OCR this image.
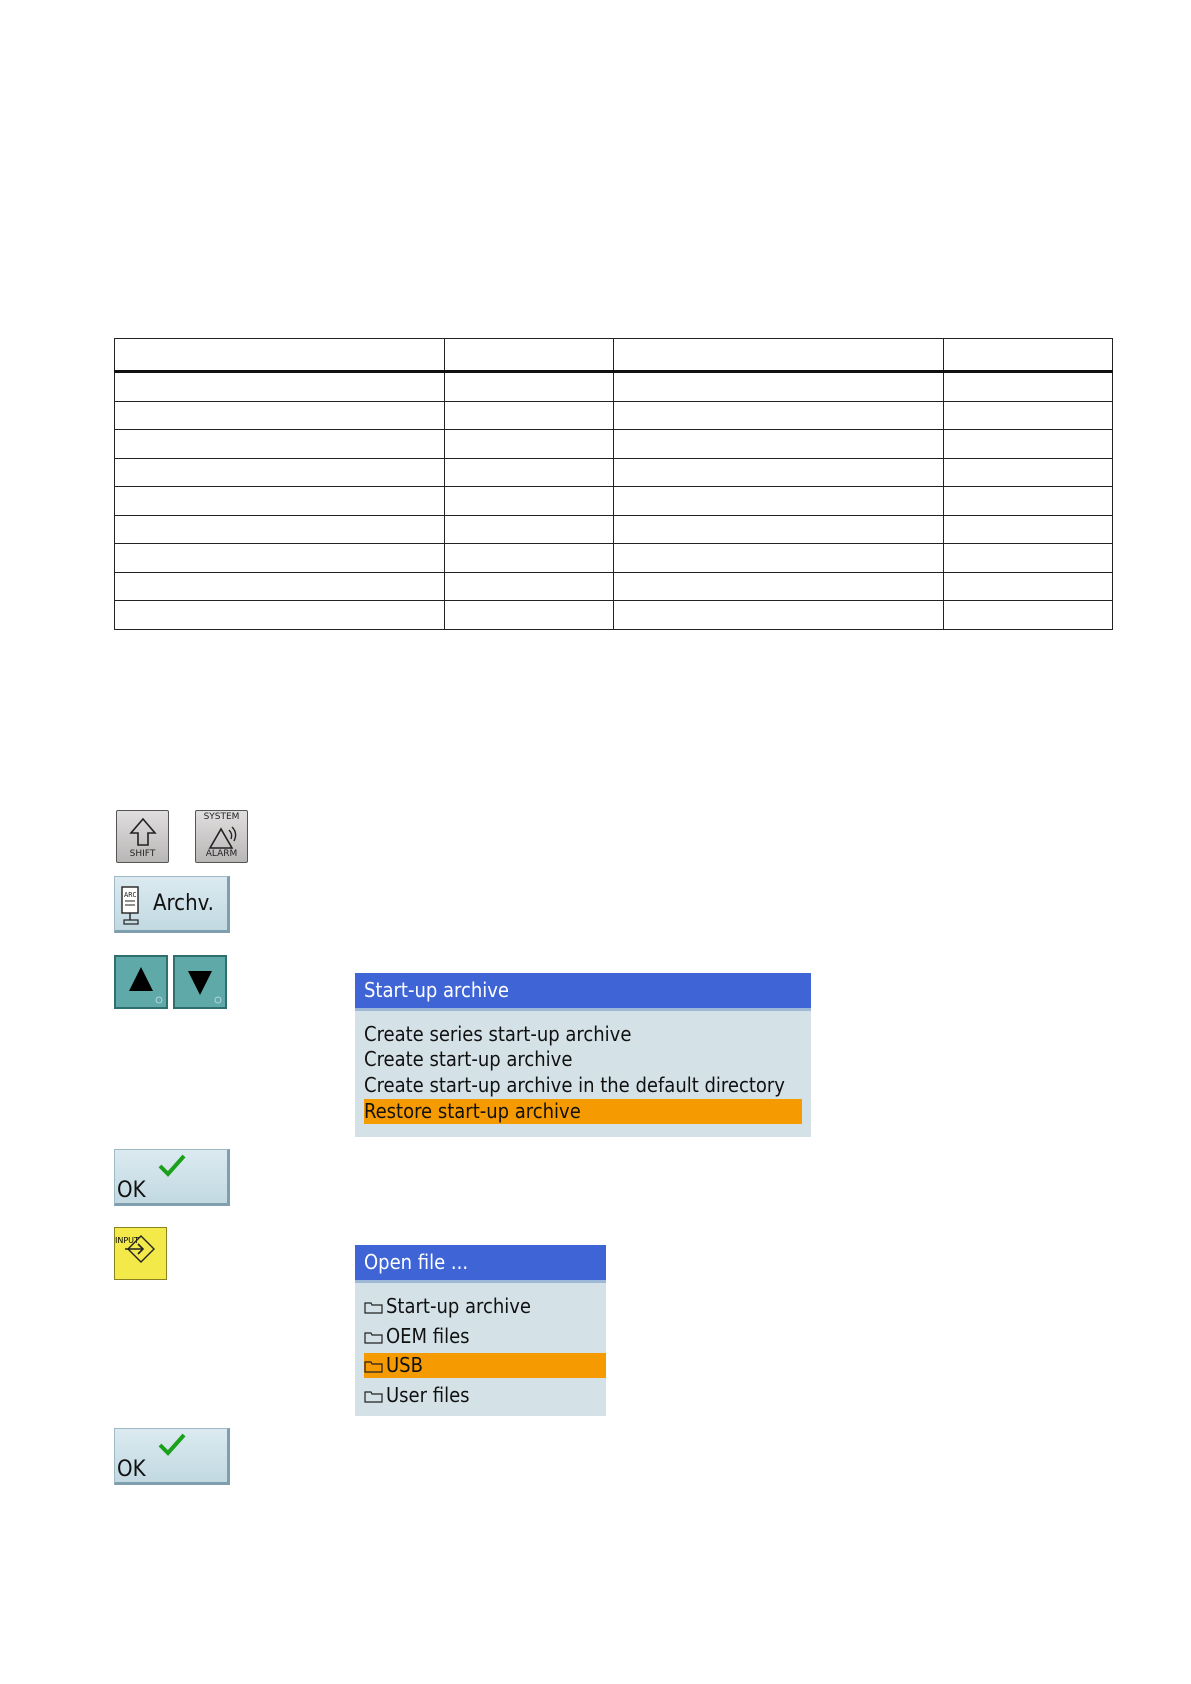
SHIFT
SYSTEM
ALARM
ARC Archv.
Start-up archive
Create series start-up archive
Create start-up archive
Create start-up archive in the default directory
Restore start-up archive
OK
INPUT
Open file ...
Start-up archive
OEM files
USB
User files
OK
